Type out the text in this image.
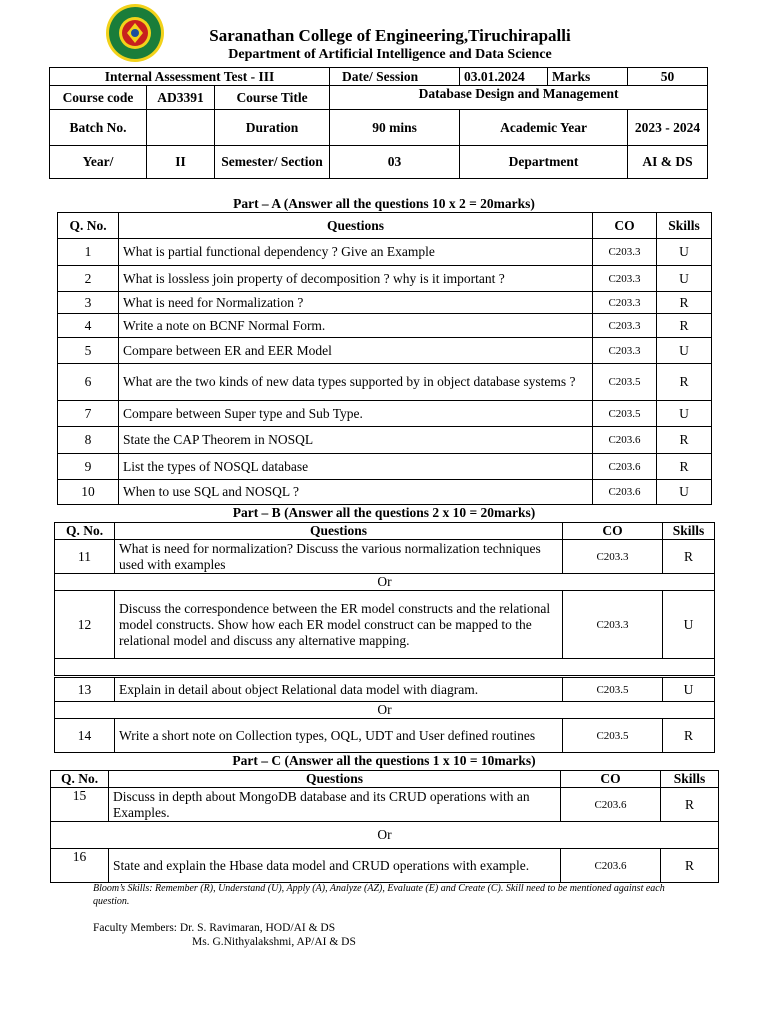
Saranathan College of Engineering,Tiruchirapalli
Department of Artificial Intelligence and Data Science
Internal Assessment Test - III			Date/ Session	03.01.2024	Marks	50
Course code	AD3391	Course Title	Database Design and Management			
Batch No.		Duration	90 mins	Academic Year		2023 - 2024
Year/	II	Semester/ Section	03	Department		AI & DS
Part – A (Answer all the questions 10 x 2 = 20marks)
Q. No.	Questions	CO	Skills
1	What is partial functional dependency ? Give an Example	C203.3	U
2	What is lossless join property of decomposition ? why is it important ?	C203.3	U
3	What is need for Normalization ?	C203.3	R
4	Write a note on BCNF Normal Form.	C203.3	R
5	Compare between ER and EER Model	C203.3	U
6	What are the two kinds of new data types supported by in object database systems ?	C203.5	R
7	Compare between Super type and Sub Type.	C203.5	U
8	State the CAP Theorem in NOSQL	C203.6	R
9	List the types of NOSQL database	C203.6	R
10	When to use SQL and NOSQL ?	C203.6	U
Part – B (Answer all the questions 2 x 10 = 20marks)
Q. No.	Questions	CO	Skills
11	What is need for normalization? Discuss the various normalization techniques used with examples	C203.3	R
Or			
12	Discuss the correspondence between the ER model constructs and the relational model constructs. Show how each ER model construct can be mapped to the relational model and discuss any alternative mapping.	C203.3	U

13	Explain in detail about object Relational data model with diagram.	C203.5	U
Or			
14	Write a short note on Collection types, OQL, UDT and User defined routines	C203.5	R
Part – C (Answer all the questions 1 x 10 = 10marks)
Q. No.	Questions	CO	Skills
15	Discuss in depth about MongoDB database and its CRUD operations with an Examples.	C203.6	R
Or			
16	State and explain the Hbase data model and CRUD operations with example.	C203.6	R
Bloom’s Skills: Remember (R), Understand (U), Apply (A), Analyze (AZ), Evaluate (E) and Create (C). Skill need to be mentioned against each question.
Faculty Members: Dr. S. Ravimaran, HOD/AI & DS
Ms. G.Nithyalakshmi, AP/AI & DS
